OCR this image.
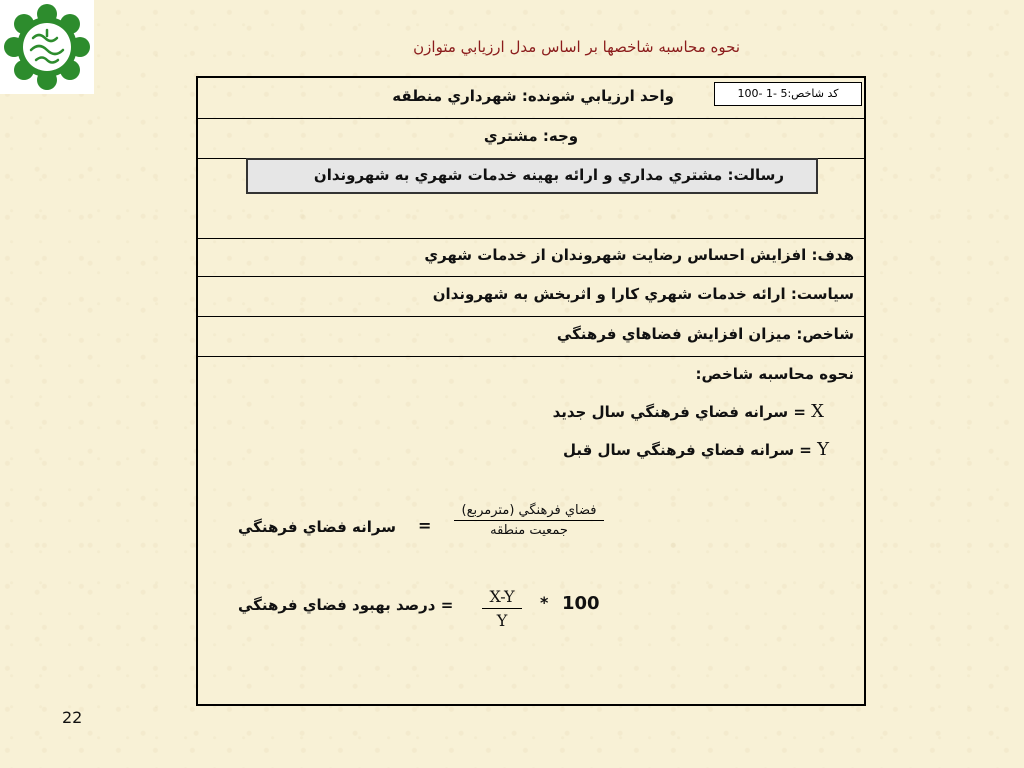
نحوه محاسبه شاخصها بر اساس مدل ارزيابي متوازن
کد شاخص:5 -1 -100
واحد ارزيابي شونده: شهرداري منطقه
وجه: مشتري
رسالت: مشتري مداري و ارائه بهينه خدمات شهري به شهروندان
هدف: افزايش احساس رضايت شهروندان از خدمات شهري
سياست: ارائه خدمات شهري کارا و اثربخش به شهروندان
شاخص: ميزان افزايش فضاهاي فرهنگي
نحوه محاسبه شاخص:
= سرانه فضاي فرهنگي سال جديد X
= سرانه فضاي فرهنگي سال قبل Y
فضاي فرهنگي (مترمربع)
جمعيت منطقه
=
سرانه فضاي فرهنگي
100
*
$\frac{X-Y}{Y}$
= درصد بهبود فضاي فرهنگي
22
